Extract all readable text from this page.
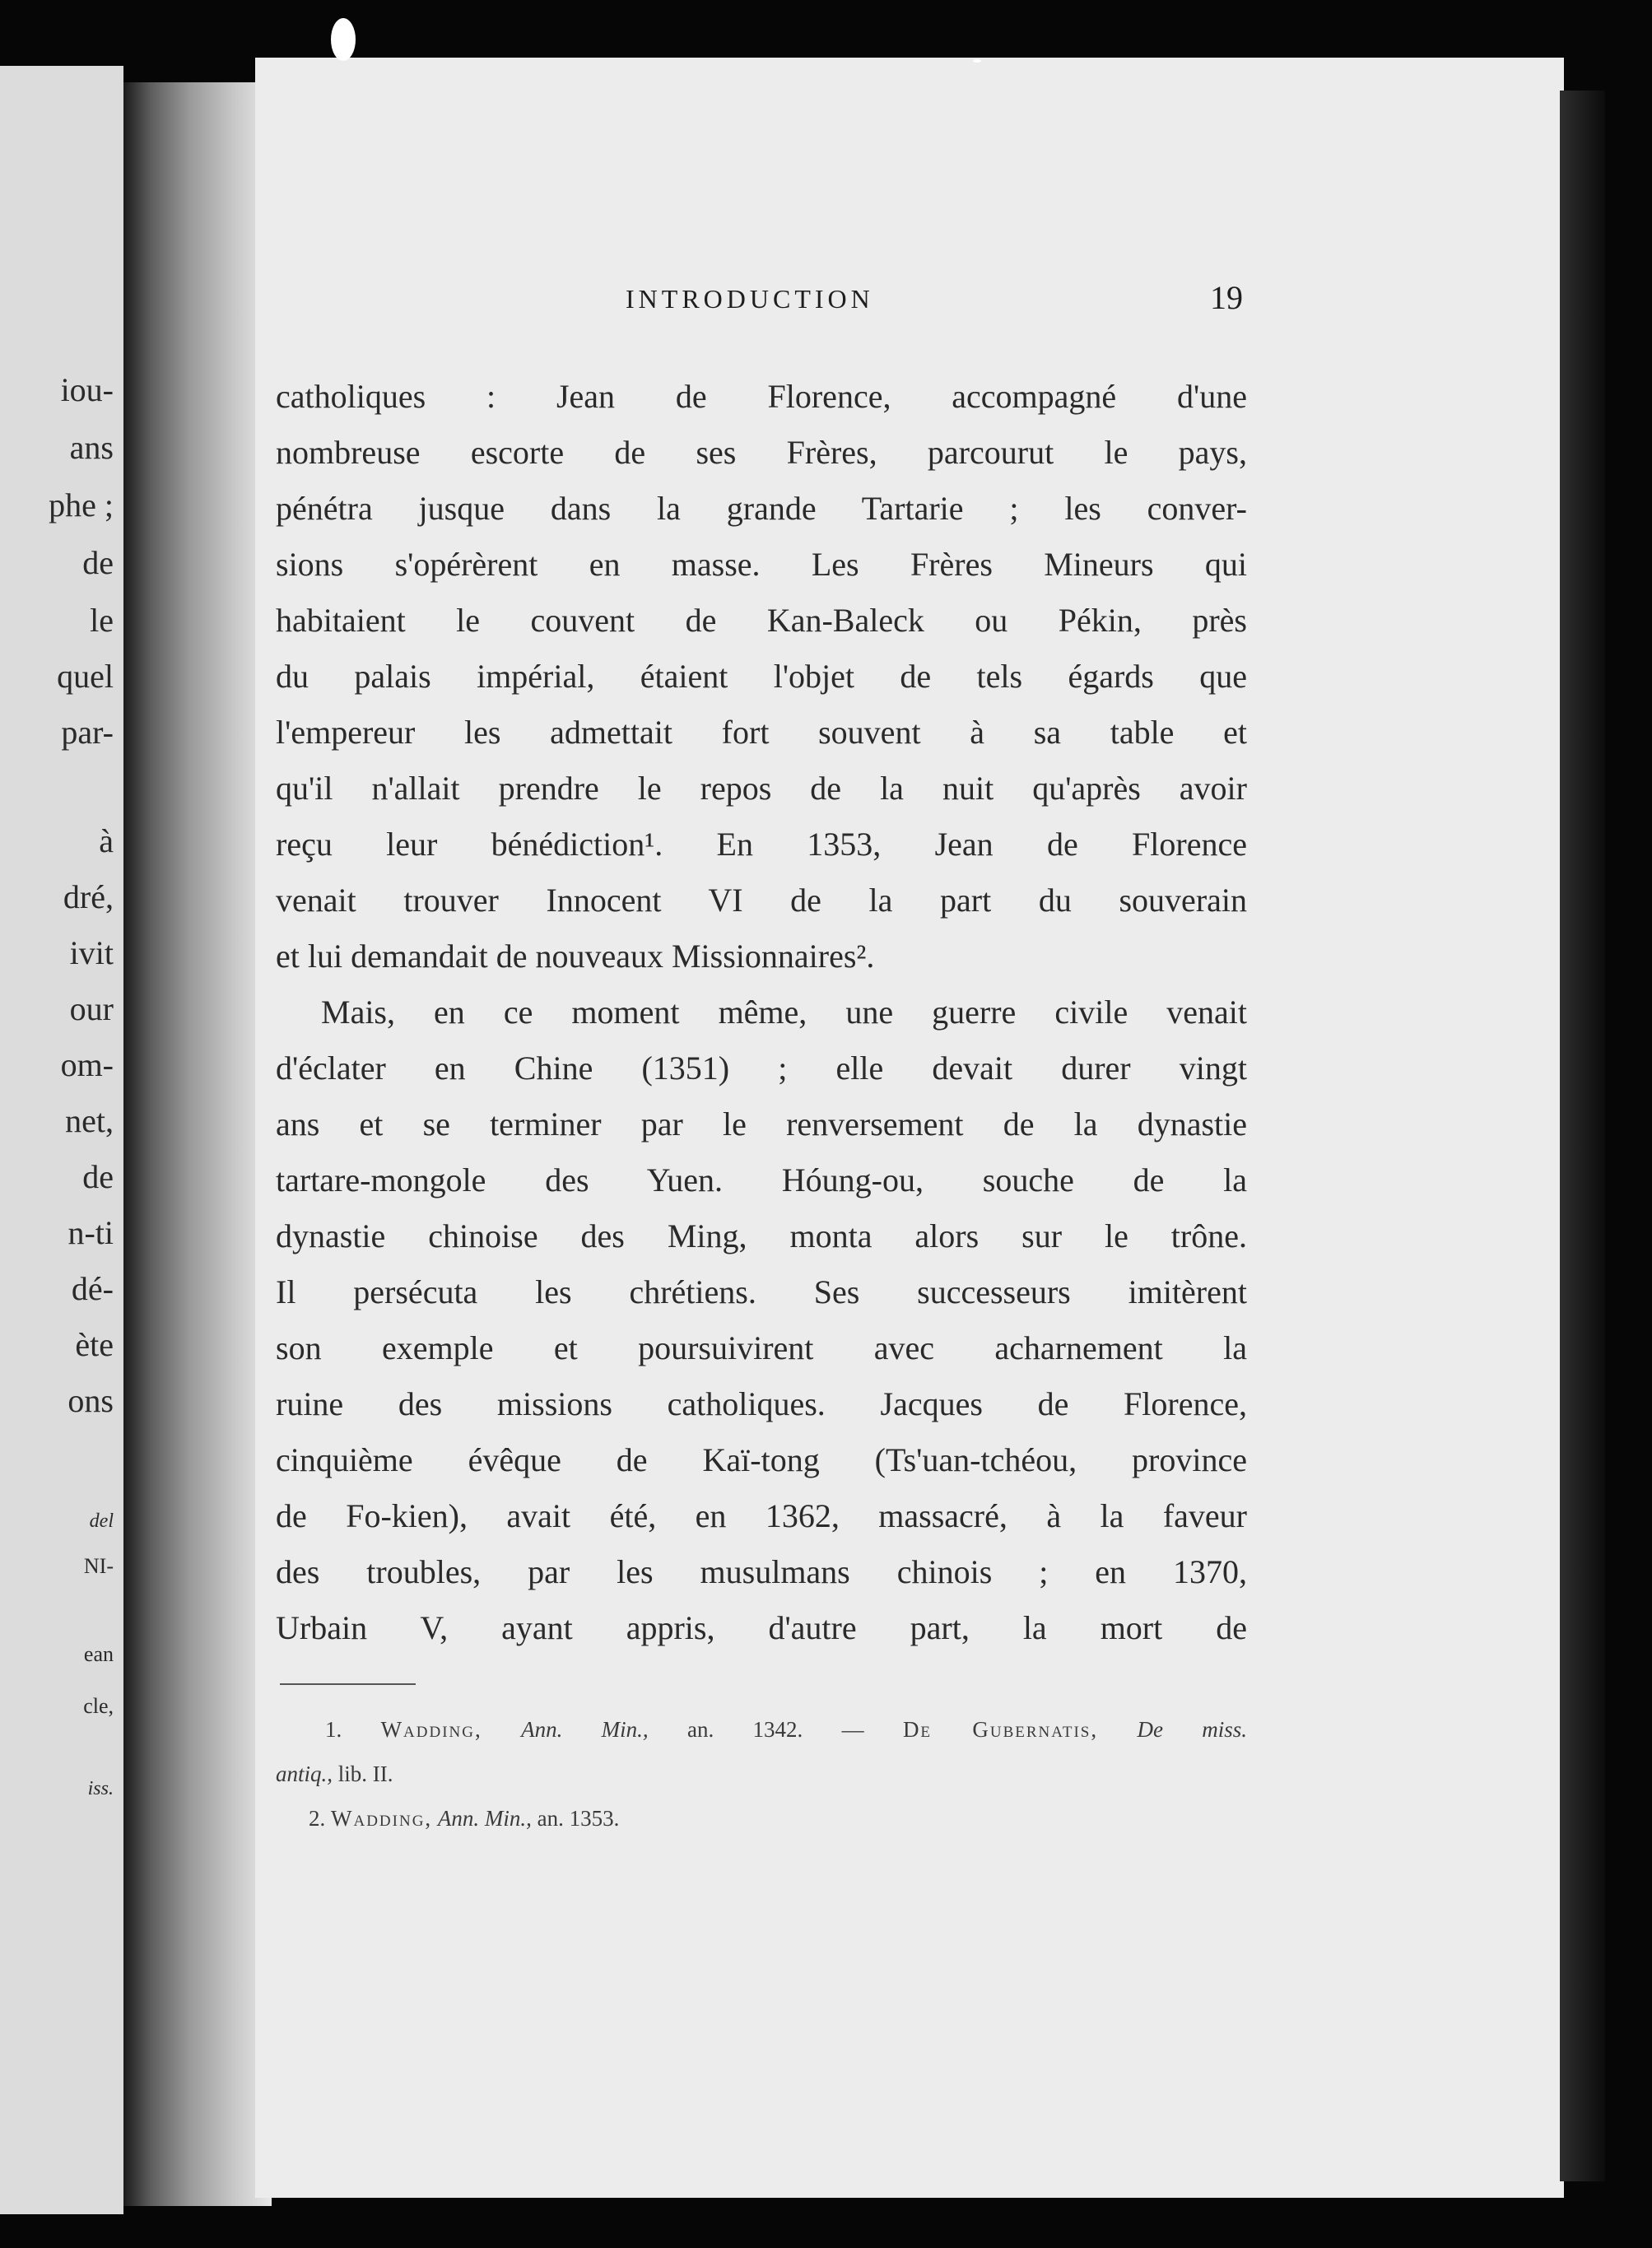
iou-
ans
phe ;
de
le
quel
par-
à
dré,
ivit
our
om-
net,
de
n-ti
dé-
ète
ons
del
NI-
ean
cle,
iss.
INTRODUCTION	19
catholiques : Jean de Florence, accompagné d'une
nombreuse escorte de ses Frères, parcourut le pays,
pénétra jusque dans la grande Tartarie ; les conver-
sions s'opérèrent en masse. Les Frères Mineurs qui
habitaient le couvent de Kan-Baleck ou Pékin, près
du palais impérial, étaient l'objet de tels égards que
l'empereur les admettait fort souvent à sa table et
qu'il n'allait prendre le repos de la nuit qu'après avoir
reçu leur bénédiction¹. En 1353, Jean de Florence
venait trouver Innocent VI de la part du souverain
et lui demandait de nouveaux Missionnaires².
Mais, en ce moment même, une guerre civile venait
d'éclater en Chine (1351) ; elle devait durer vingt
ans et se terminer par le renversement de la dynastie
tartare-mongole des Yuen. Hóung-ou, souche de la
dynastie chinoise des Ming, monta alors sur le trône.
Il persécuta les chrétiens. Ses successeurs imitèrent
son exemple et poursuivirent avec acharnement la
ruine des missions catholiques. Jacques de Florence,
cinquième évêque de Kaï-tong (Ts'uan-tchéou, province
de Fo-kien), avait été, en 1362, massacré, à la faveur
des troubles, par les musulmans chinois ; en 1370,
Urbain V, ayant appris, d'autre part, la mort de
1. Wadding, Ann. Min., an. 1342. — De Gubernatis, De miss.
antiq., lib. II.
2. Wadding, Ann. Min., an. 1353.
